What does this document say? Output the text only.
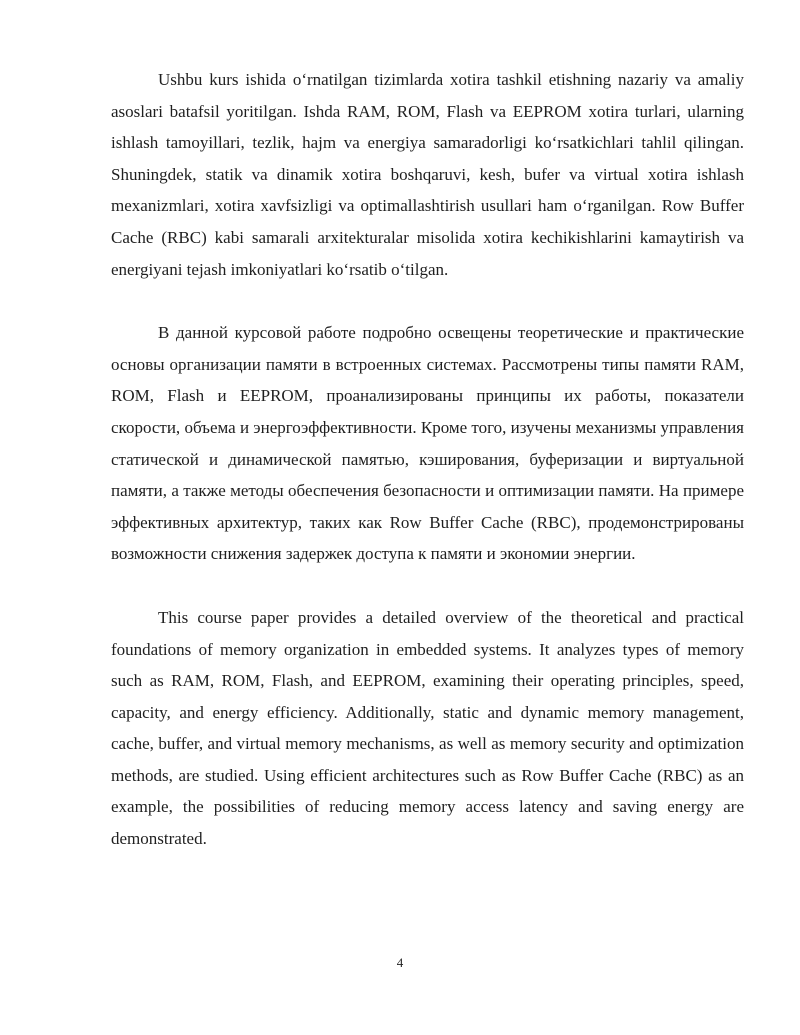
Ushbu kurs ishida oʻrnatilgan tizimlarda xotira tashkil etishning nazariy va amaliy asoslari batafsil yoritilgan. Ishda RAM, ROM, Flash va EEPROM xotira turlari, ularning ishlash tamoyillari, tezlik, hajm va energiya samaradorligi koʻrsatkichlari tahlil qilingan. Shuningdek, statik va dinamik xotira boshqaruvi, kesh, bufer va virtual xotira ishlash mexanizmlari, xotira xavfsizligi va optimallashtirish usullari ham oʻrganilgan. Row Buffer Cache (RBC) kabi samarali arxitekturalar misolida xotira kechikishlarini kamaytirish va energiyani tejash imkoniyatlari koʻrsatib oʻtilgan.

В данной курсовой работе подробно освещены теоретические и практические основы организации памяти в встроенных системах. Рассмотрены типы памяти RAM, ROM, Flash и EEPROM, проанализированы принципы их работы, показатели скорости, объема и энергоэффективности. Кроме того, изучены механизмы управления статической и динамической памятью, кэширования, буферизации и виртуальной памяти, а также методы обеспечения безопасности и оптимизации памяти. На примере эффективных архитектур, таких как Row Buffer Cache (RBC), продемонстрированы возможности снижения задержек доступа к памяти и экономии энергии.

This course paper provides a detailed overview of the theoretical and practical foundations of memory organization in embedded systems. It analyzes types of memory such as RAM, ROM, Flash, and EEPROM, examining their operating principles, speed, capacity, and energy efficiency. Additionally, static and dynamic memory management, cache, buffer, and virtual memory mechanisms, as well as memory security and optimization methods, are studied. Using efficient architectures such as Row Buffer Cache (RBC) as an example, the possibilities of reducing memory access latency and saving energy are demonstrated.

4
